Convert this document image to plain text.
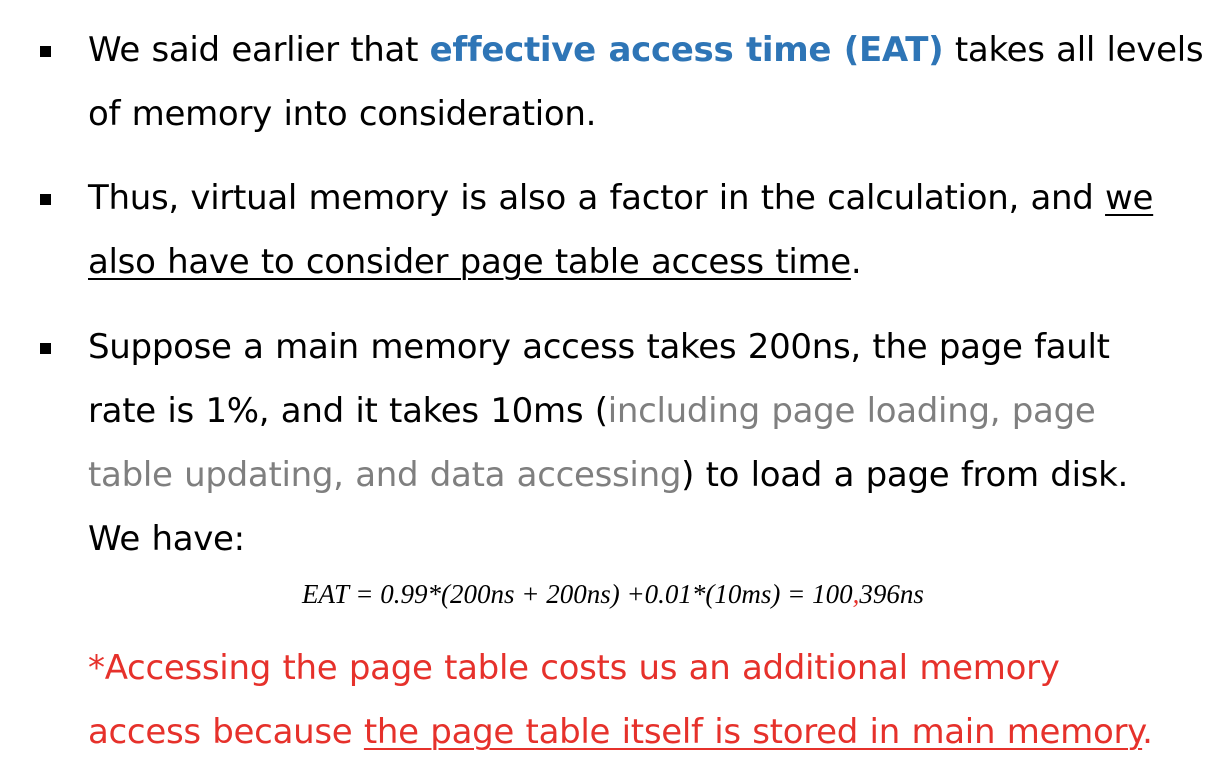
We said earlier that effective access time (EAT) takes all levels
of memory into consideration.
Thus, virtual memory is also a factor in the calculation, and we
also have to consider page table access time.
Suppose a main memory access takes 200ns, the page fault
rate is 1%, and it takes 10ms (including page loading, page
table updating, and data accessing) to load a page from disk.
We have:
EAT = 0.99*(200ns + 200ns) +0.01*(10ms) = 100,396ns
*Accessing the page table costs us an additional memory
access because the page table itself is stored in main memory.
